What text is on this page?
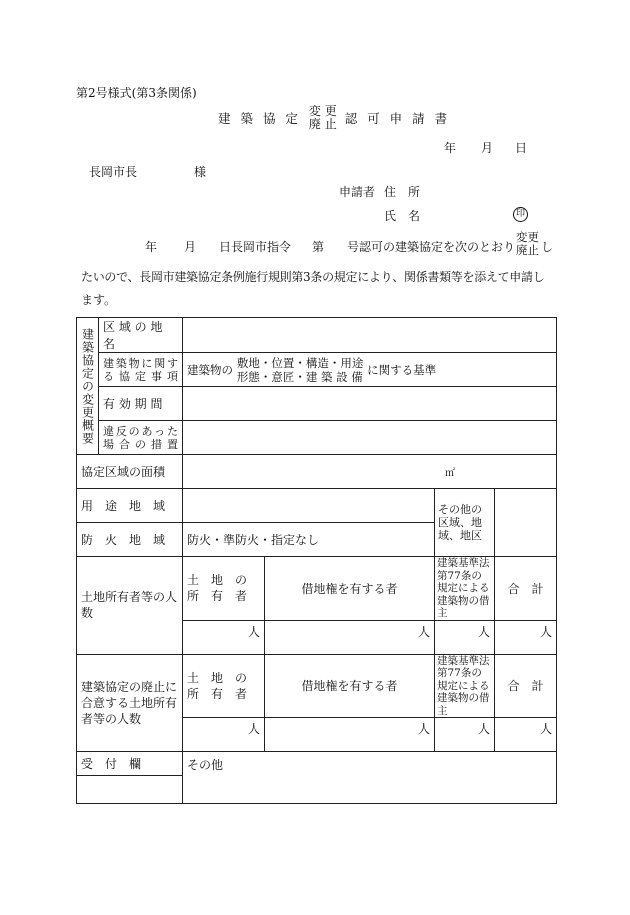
第2号様式(第3条関係)
建 築 協 定 変 更
廃 止 認 可 申 請 書
年 月 日
長岡市長	様
申請者 住　所
氏　名	印
年 月 日長岡市指令 第 号認可の建築協定を次のとおり
変更
廃止 し
たいので、長岡市建築協定条例施行規則第3条の規定により、関係書類等を添えて申請し
ます。
建築協定の変更概要	区 域 の 地 名				
	建築物に関する協定事項	建築物の 敷地・位置・構造・用途
形態・意匠・建 築 設 備 に関する基準			
	有 効 期 間				
	違反のあった場合の措置				
協定区域の面積		㎡			
用　途　地　域				その他の区域、地域、地区	
防　火　地　域		防火・準防火・指定なし			
土地所有者等の人数		土　地　の 所　有　者	借地権を有する者	建築基準法第77条の規定による建築物の借主	合　計
		人	人	人	人
建築協定の廃止に合意する土地所有者等の人数		土　地　の 所　有　者	借地権を有する者	建築基準法第77条の規定による建築物の借主	合　計
		人	人	人	人
受　付　欄		その他			
